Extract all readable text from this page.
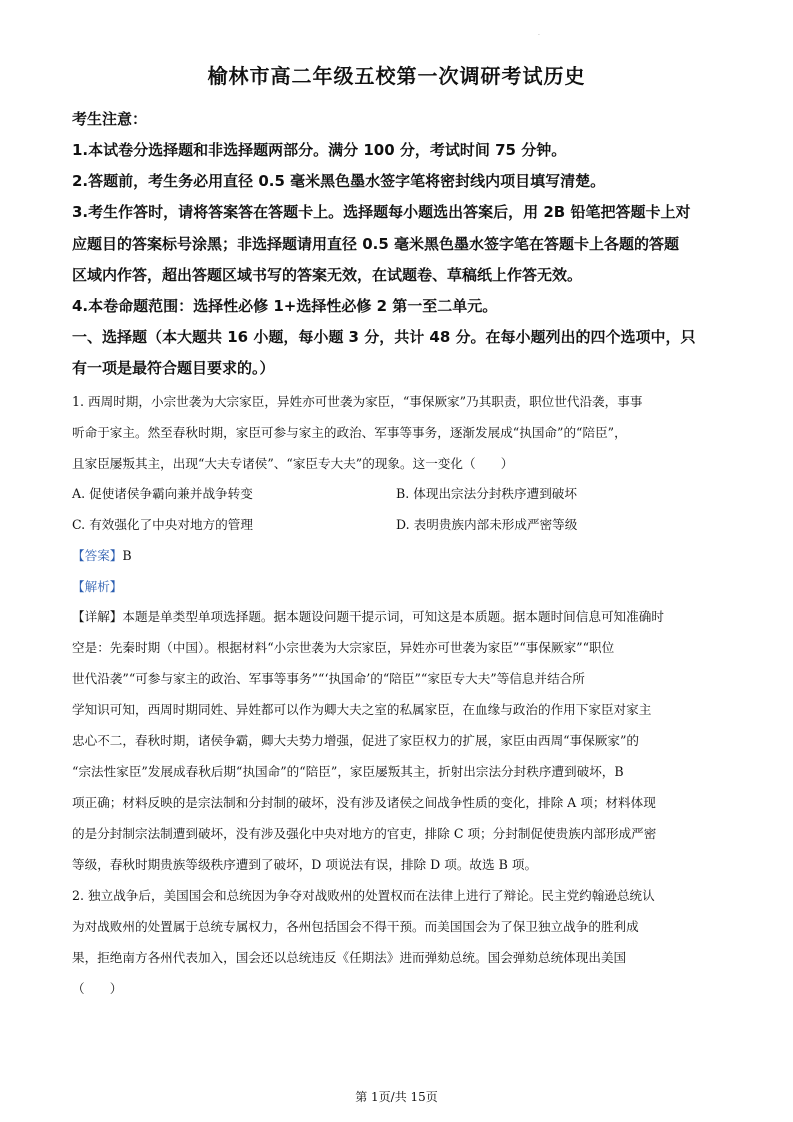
.
榆林市高二年级五校第一次调研考试历史
考生注意：
1.本试卷分选择题和非选择题两部分。满分 100 分，考试时间 75 分钟。
2.答题前，考生务必用直径 0.5 毫米黑色墨水签字笔将密封线内项目填写清楚。
3.考生作答时，请将答案答在答题卡上。选择题每小题选出答案后，用 2B 铅笔把答题卡上对
应题目的答案标号涂黑；非选择题请用直径 0.5 毫米黑色墨水签字笔在答题卡上各题的答题
区域内作答，超出答题区域书写的答案无效，在试题卷、草稿纸上作答无效。
4.本卷命题范围：选择性必修 1+选择性必修 2 第一至二单元。
一、选择题（本大题共 16 小题，每小题 3 分，共计 48 分。在每小题列出的四个选项中，只
有一项是最符合题目要求的。）
1. 西周时期，小宗世袭为大宗家臣，异姓亦可世袭为家臣，“事保厥家”乃其职责，职位世代沿袭，事事
听命于家主。然至春秋时期，家臣可参与家主的政治、军事等事务，逐渐发展成“执国命”的“陪臣”，
且家臣屡叛其主，出现“大夫专诸侯”、“家臣专大夫”的现象。这一变化（　　）
A. 促使诸侯争霸向兼并战争转变	B. 体现出宗法分封秩序遭到破坏
C. 有效强化了中央对地方的管理	D. 表明贵族内部未形成严密等级
【答案】B
【解析】
【详解】本题是单类型单项选择题。据本题设问题干提示词，可知这是本质题。据本题时间信息可知准确时
空是：先秦时期（中国）。根据材料“小宗世袭为大宗家臣，异姓亦可世袭为家臣”“事保厥家”“职位
世代沿袭”“可参与家主的政治、军事等事务”“‘执国命’的“陪臣”“家臣专大夫”等信息并结合所
学知识可知，西周时期同姓、异姓都可以作为卿大夫之室的私属家臣，在血缘与政治的作用下家臣对家主
忠心不二，春秋时期，诸侯争霸，卿大夫势力增强，促进了家臣权力的扩展，家臣由西周“事保厥家”的
“宗法性家臣”发展成春秋后期“执国命”的“陪臣”，家臣屡叛其主，折射出宗法分封秩序遭到破坏，B
项正确；材料反映的是宗法制和分封制的破坏，没有涉及诸侯之间战争性质的变化，排除 A 项；材料体现
的是分封制宗法制遭到破坏，没有涉及强化中央对地方的官吏，排除 C 项；分封制促使贵族内部形成严密
等级，春秋时期贵族等级秩序遭到了破坏，D 项说法有误，排除 D 项。故选 B 项。
2. 独立战争后，美国国会和总统因为争夺对战败州的处置权而在法律上进行了辩论。民主党约翰逊总统认
为对战败州的处置属于总统专属权力，各州包括国会不得干预。而美国国会为了保卫独立战争的胜利成
果，拒绝南方各州代表加入，国会还以总统违反《任期法》进而弹劾总统。国会弹劾总统体现出美国
（　　）
第 1页/共 15页
